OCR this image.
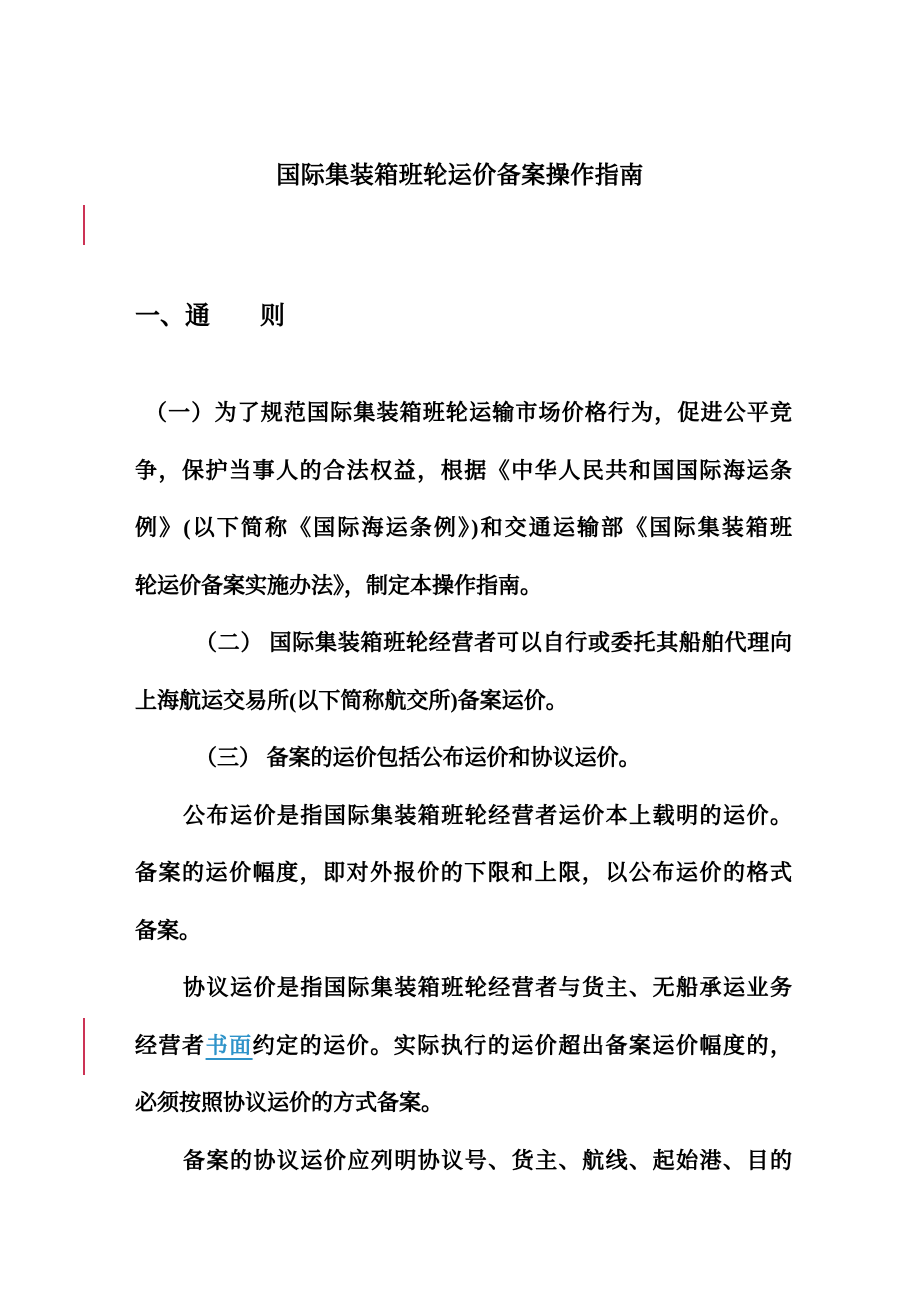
国际集装箱班轮运价备案操作指南
一、通　　则
（一）为了规范国际集装箱班轮运输市场价格行为，促进公平竞
争，保护当事人的合法权益，根据《中华人民共和国国际海运条
例》(以下简称《国际海运条例》)和交通运输部《国际集装箱班
轮运价备案实施办法》，制定本操作指南。
（二） 国际集装箱班轮经营者可以自行或委托其船舶代理向
上海航运交易所(以下简称航交所)备案运价。
（三） 备案的运价包括公布运价和协议运价。
公布运价是指国际集装箱班轮经营者运价本上载明的运价。
备案的运价幅度，即对外报价的下限和上限，以公布运价的格式
备案。
协议运价是指国际集装箱班轮经营者与货主、无船承运业务
经营者书面约定的运价。实际执行的运价超出备案运价幅度的，
必须按照协议运价的方式备案。
备案的协议运价应列明协议号、货主、航线、起始港、目的
